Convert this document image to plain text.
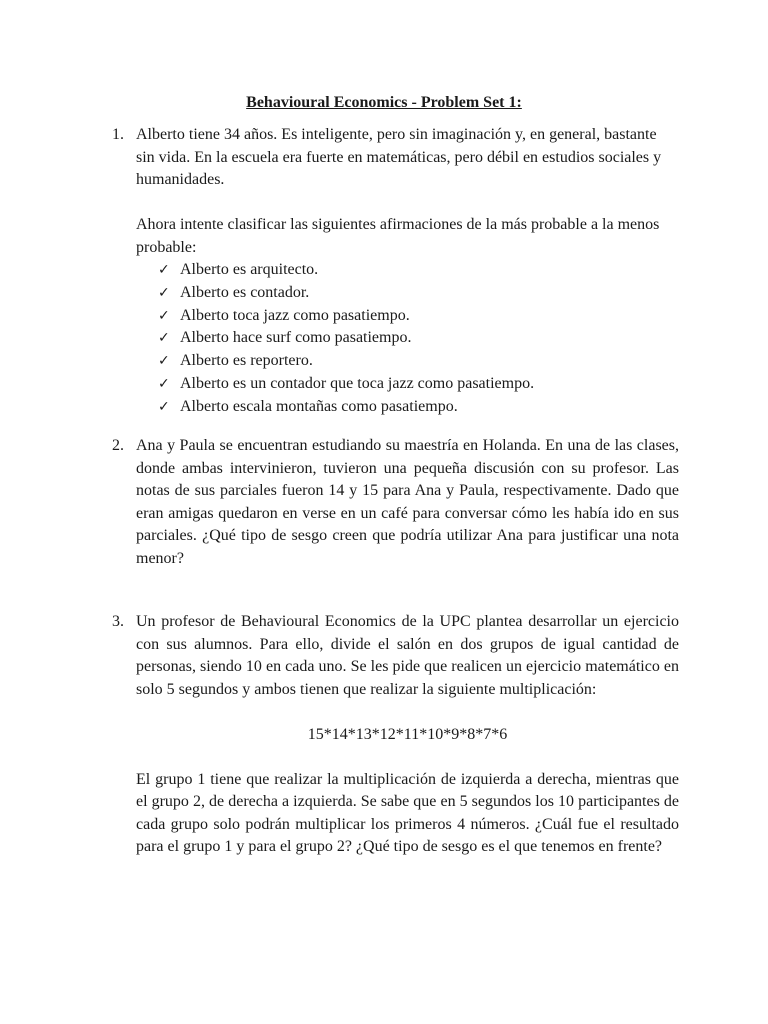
Behavioural Economics - Problem Set 1:
1. Alberto tiene 34 años. Es inteligente, pero sin imaginación y, en general, bastante sin vida. En la escuela era fuerte en matemáticas, pero débil en estudios sociales y humanidades.

Ahora intente clasificar las siguientes afirmaciones de la más probable a la menos probable:

✓ Alberto es arquitecto.
✓ Alberto es contador.
✓ Alberto toca jazz como pasatiempo.
✓ Alberto hace surf como pasatiempo.
✓ Alberto es reportero.
✓ Alberto es un contador que toca jazz como pasatiempo.
✓ Alberto escala montañas como pasatiempo.
2. Ana y Paula se encuentran estudiando su maestría en Holanda. En una de las clases, donde ambas intervinieron, tuvieron una pequeña discusión con su profesor. Las notas de sus parciales fueron 14 y 15 para Ana y Paula, respectivamente. Dado que eran amigas quedaron en verse en un café para conversar cómo les había ido en sus parciales. ¿Qué tipo de sesgo creen que podría utilizar Ana para justificar una nota menor?

3. Un profesor de Behavioural Economics de la UPC plantea desarrollar un ejercicio con sus alumnos. Para ello, divide el salón en dos grupos de igual cantidad de personas, siendo 10 en cada uno. Se les pide que realicen un ejercicio matemático en solo 5 segundos y ambos tienen que realizar la siguiente multiplicación:

15*14*13*12*11*10*9*8*7*6

El grupo 1 tiene que realizar la multiplicación de izquierda a derecha, mientras que el grupo 2, de derecha a izquierda. Se sabe que en 5 segundos los 10 participantes de cada grupo solo podrán multiplicar los primeros 4 números. ¿Cuál fue el resultado para el grupo 1 y para el grupo 2? ¿Qué tipo de sesgo es el que tenemos en frente?
